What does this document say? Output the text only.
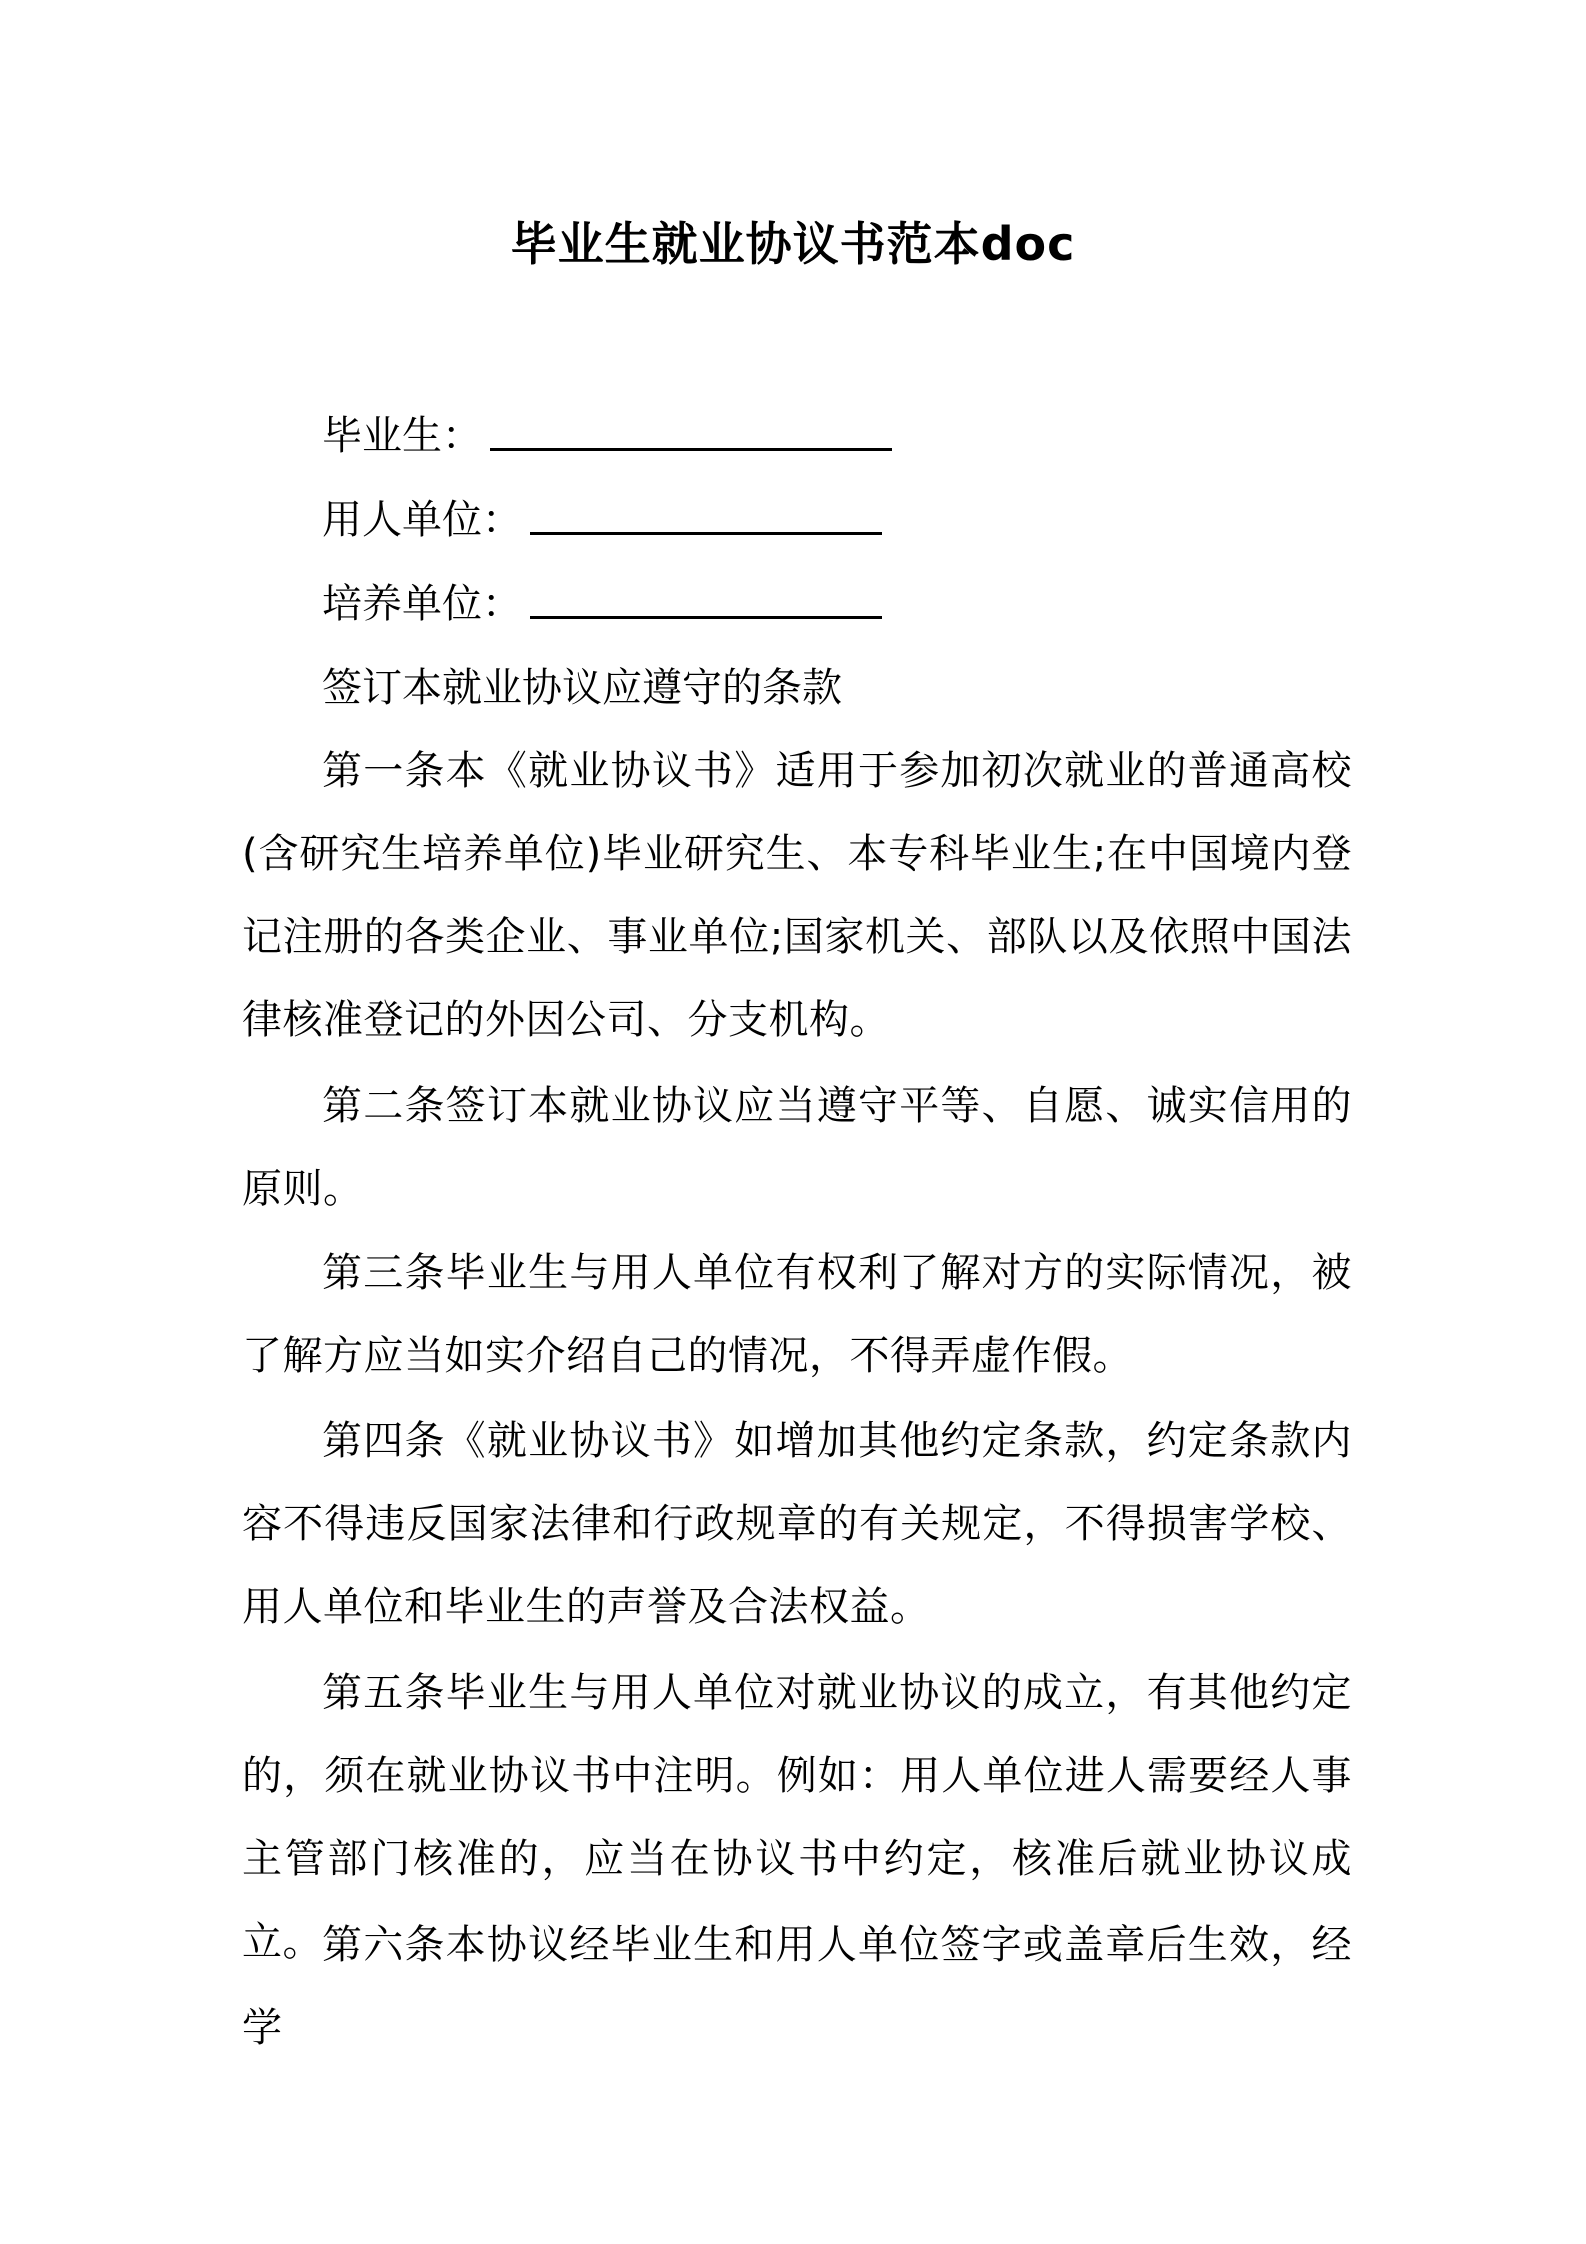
毕业生就业协议书范本doc
毕业生：
用人单位：
培养单位：
签订本就业协议应遵守的条款

第一条本《就业协议书》适用于参加初次就业的普通高校(含研究生培养单位)毕业研究生、本专科毕业生;在中国境内登记注册的各类企业、事业单位;国家机关、部队以及依照中国法律核准登记的外因公司、分支机构。

第二条签订本就业协议应当遵守平等、自愿、诚实信用的原则。

第三条毕业生与用人单位有权利了解对方的实际情况，被了解方应当如实介绍自己的情况，不得弄虚作假。

第四条《就业协议书》如增加其他约定条款，约定条款内容不得违反国家法律和行政规章的有关规定，不得损害学校、用人单位和毕业生的声誉及合法权益。

第五条毕业生与用人单位对就业协议的成立，有其他约定的，须在就业协议书中注明。例如：用人单位进人需要经人事主管部门核准的，应当在协议书中约定，核准后就业协议成立。 第六条本协议经毕业生和用人单位签字或盖章后生效，经学
